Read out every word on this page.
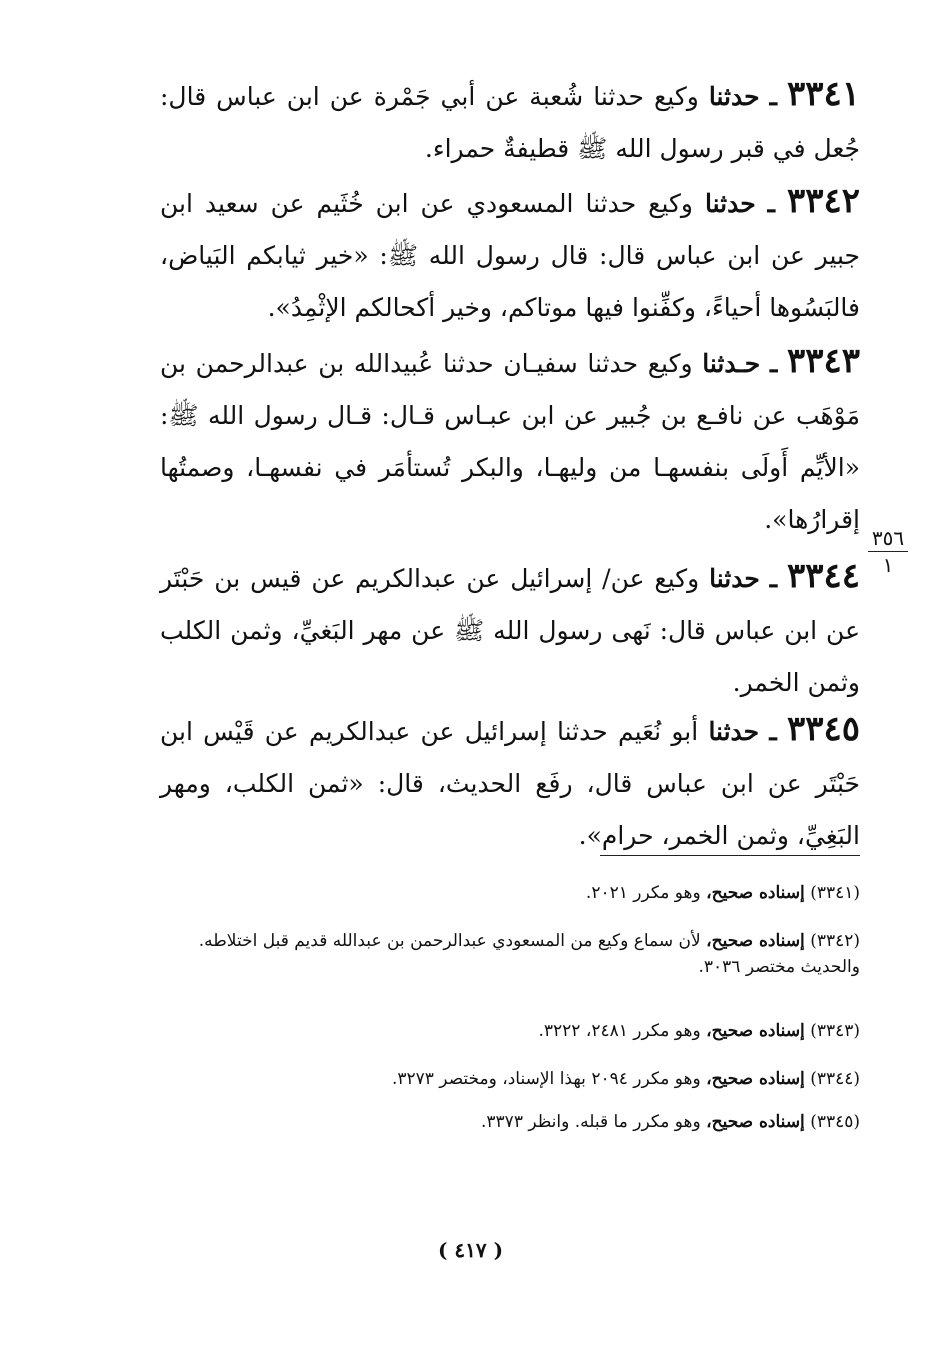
٣٣٤١ ـ حدثنا وكيع حدثنا شُعبة عن أبي جَمْرة عن ابن عباس قال: جُعل في قبر رسول الله ﷺ قطيفةٌ حمراء.

٣٣٤٢ ـ حدثنا وكيع حدثنا المسعودي عن ابن خُثَيم عن سعيد ابن جبير عن ابن عباس قال: قال رسول الله ﷺ: «خير ثيابكم البَياض، فالبَسُوها أحياءً، وكفِّنوا فيها موتاكم، وخير أكحالكم الإثْمِدُ».

٣٣٤٣ ـ حـدثنا وكيع حدثنا سفيـان حدثنا عُبيدالله بن عبدالرحمن بن مَوْهَب عن نافـع بن جُبير عن ابن عبـاس قـال: قـال رسول الله ﷺ: «الأيِّم أَولَى بنفسهـا من وليهـا، والبكر تُستأمَر في نفسهـا، وصمتُها إقرارُها».

٣٥٦
١

٣٣٤٤ ـ حدثنا وكيع عن/ إسرائيل عن عبدالكريم عن قيس بن حَبْتَر عن ابن عباس قال: نَهى رسول الله ﷺ عن مهر البَغيِّ، وثمن الكلب وثمن الخمر.

٣٣٤٥ ـ حدثنا أبو نُعَيم حدثنا إسرائيل عن عبدالكريم عن قَيْس ابن حَبْتَر عن ابن عباس قال، رفَع الحديث، قال: «ثمن الكلب، ومهر البَغِيِّ، وثمن الخمر، حرام».

(٣٣٤١) إسناده صحيح، وهو مكرر ٢٠٢١.

(٣٣٤٢) إسناده صحيح، لأن سماع وكيع من المسعودي عبدالرحمن بن عبدالله قديم قبل اختلاطه. والحديث مختصر ٣٠٣٦.

(٣٣٤٣) إسناده صحيح، وهو مكرر ٢٤٨١، ٣٢٢٢.

(٣٣٤٤) إسناده صحيح، وهو مكرر ٢٠٩٤ بهذا الإسناد، ومختصر ٣٢٧٣.

(٣٣٤٥) إسناده صحيح، وهو مكرر ما قبله. وانظر ٣٣٧٣.

( ٤١٧ )
